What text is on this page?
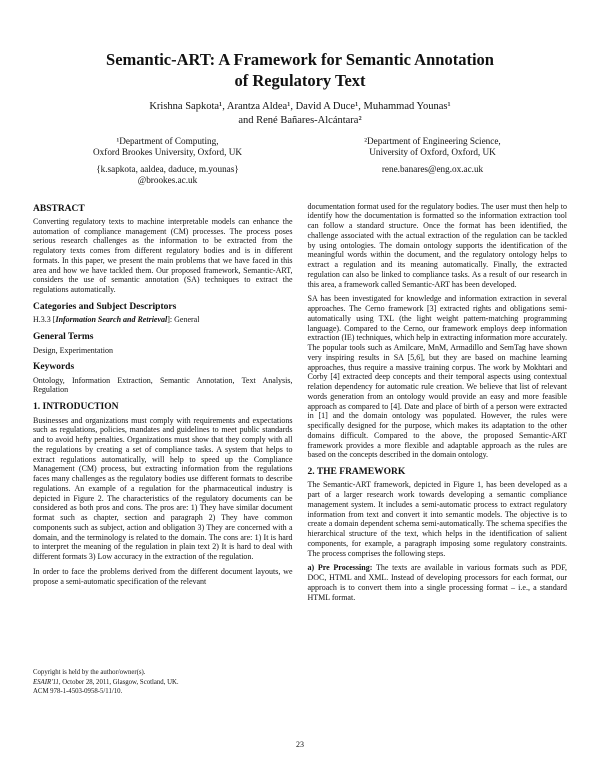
Semantic-ART: A Framework for Semantic Annotation
of Regulatory Text
Krishna Sapkota¹, Arantza Aldea¹, David A Duce¹, Muhammad Younas¹
and René Bañares-Alcántara²
¹Department of Computing,
Oxford Brookes University, Oxford, UK
{k.sapkota, aaldea, daduce, m.younas}
@brookes.ac.uk
²Department of Engineering Science,
University of Oxford, Oxford, UK
rene.banares@eng.ox.ac.uk
ABSTRACT

Converting regulatory texts to machine interpretable models can enhance the automation of compliance management (CM) processes. The process poses serious research challenges as the information to be extracted from the regulatory texts comes from different regulatory bodies and is in different formats. In this paper, we present the main problems that we have faced in this area and how we have tackled them. Our proposed framework, Semantic-ART, considers the use of semantic annotation (SA) techniques to extract the regulations automatically.

Categories and Subject Descriptors

H.3.3 [Information Search and Retrieval]: General

General Terms

Design, Experimentation

Keywords

Ontology, Information Extraction, Semantic Annotation, Text Analysis, Regulation

1. INTRODUCTION

Businesses and organizations must comply with requirements and expectations such as regulations, policies, mandates and guidelines to meet public standards and to avoid hefty penalties. Organizations must show that they comply with all the regulations by creating a set of compliance tasks. A system that helps to extract regulations automatically, will help to speed up the Compliance Management (CM) process, but extracting information from the regulations faces many challenges as the regulatory bodies use different formats to describe regulations. An example of a regulation for the pharmaceutical industry is depicted in Figure 2. The characteristics of the regulatory documents can be considered as both pros and cons. The pros are: 1) They have similar document format such as chapter, section and paragraph 2) They have common components such as subject, action and obligation 3) They are concerned with a domain, and the terminology is related to the domain. The cons are: 1) It is hard to interpret the meaning of the regulation in plain text 2) It is hard to deal with different formats 3) Low accuracy in the extraction of the regulation.

In order to face the problems derived from the different document layouts, we propose a semi-automatic specification of the relevant

documentation format used for the regulatory bodies. The user must then help to identify how the documentation is formatted so the information extraction tool can follow a standard structure. Once the format has been identified, the challenge associated with the actual extraction of the regulation can be tackled by using ontologies. The domain ontology supports the identification of the meaningful words within the document, and the regulatory ontology helps to extract a regulation and its meaning automatically. Finally, the extracted regulation can also be linked to compliance tasks. As a result of our research in this area, a framework called Semantic-ART has been developed.

SA has been investigated for knowledge and information extraction in several approaches. The Cerno framework [3] extracted rights and obligations semi-automatically using TXL (the light weight pattern-matching programming language). Compared to the Cerno, our framework employs deep information extraction (IE) techniques, which help in extracting information more accurately. The popular tools such as Amilcare, MnM, Armadillo and SemTag have shown very inspiring results in SA [5,6], but they are based on machine learning approaches, thus require a massive training corpus. The work by Mokhtari and Corby [4] extracted deep concepts and their temporal aspects using contextual relation dependency for automatic rule creation. We believe that list of relevant words generation from an ontology would provide an easy and more feasible approach as compared to [4]. Date and place of birth of a person were extracted in [1] and the domain ontology was populated. However, the rules were specifically designed for the purpose, which makes its adaptation to the other domains difficult. Compared to the above, the proposed Semantic-ART framework provides a more flexible and adaptable approach as the rules are based on the concepts described in the domain ontology.

2. THE FRAMEWORK

The Semantic-ART framework, depicted in Figure 1, has been developed as a part of a larger research work towards developing a semantic compliance management system. It includes a semi-automatic process to extract regulatory information from text and convert it into semantic models. The objective is to create a domain dependent schema semi-automatically. The schema specifies the hierarchical structure of the text, which helps in the identification of salient components, for example, a paragraph imposing some regulatory constraints. The process comprises the following steps.

a) Pre Processing: The texts are available in various formats such as PDF, DOC, HTML and XML. Instead of developing processors for each format, our approach is to convert them into a single processing format – i.e., a standard HTML format.

Copyright is held by the author/owner(s).
ESAIR'11, October 28, 2011, Glasgow, Scotland, UK.
ACM 978-1-4503-0958-5/11/10.
23
